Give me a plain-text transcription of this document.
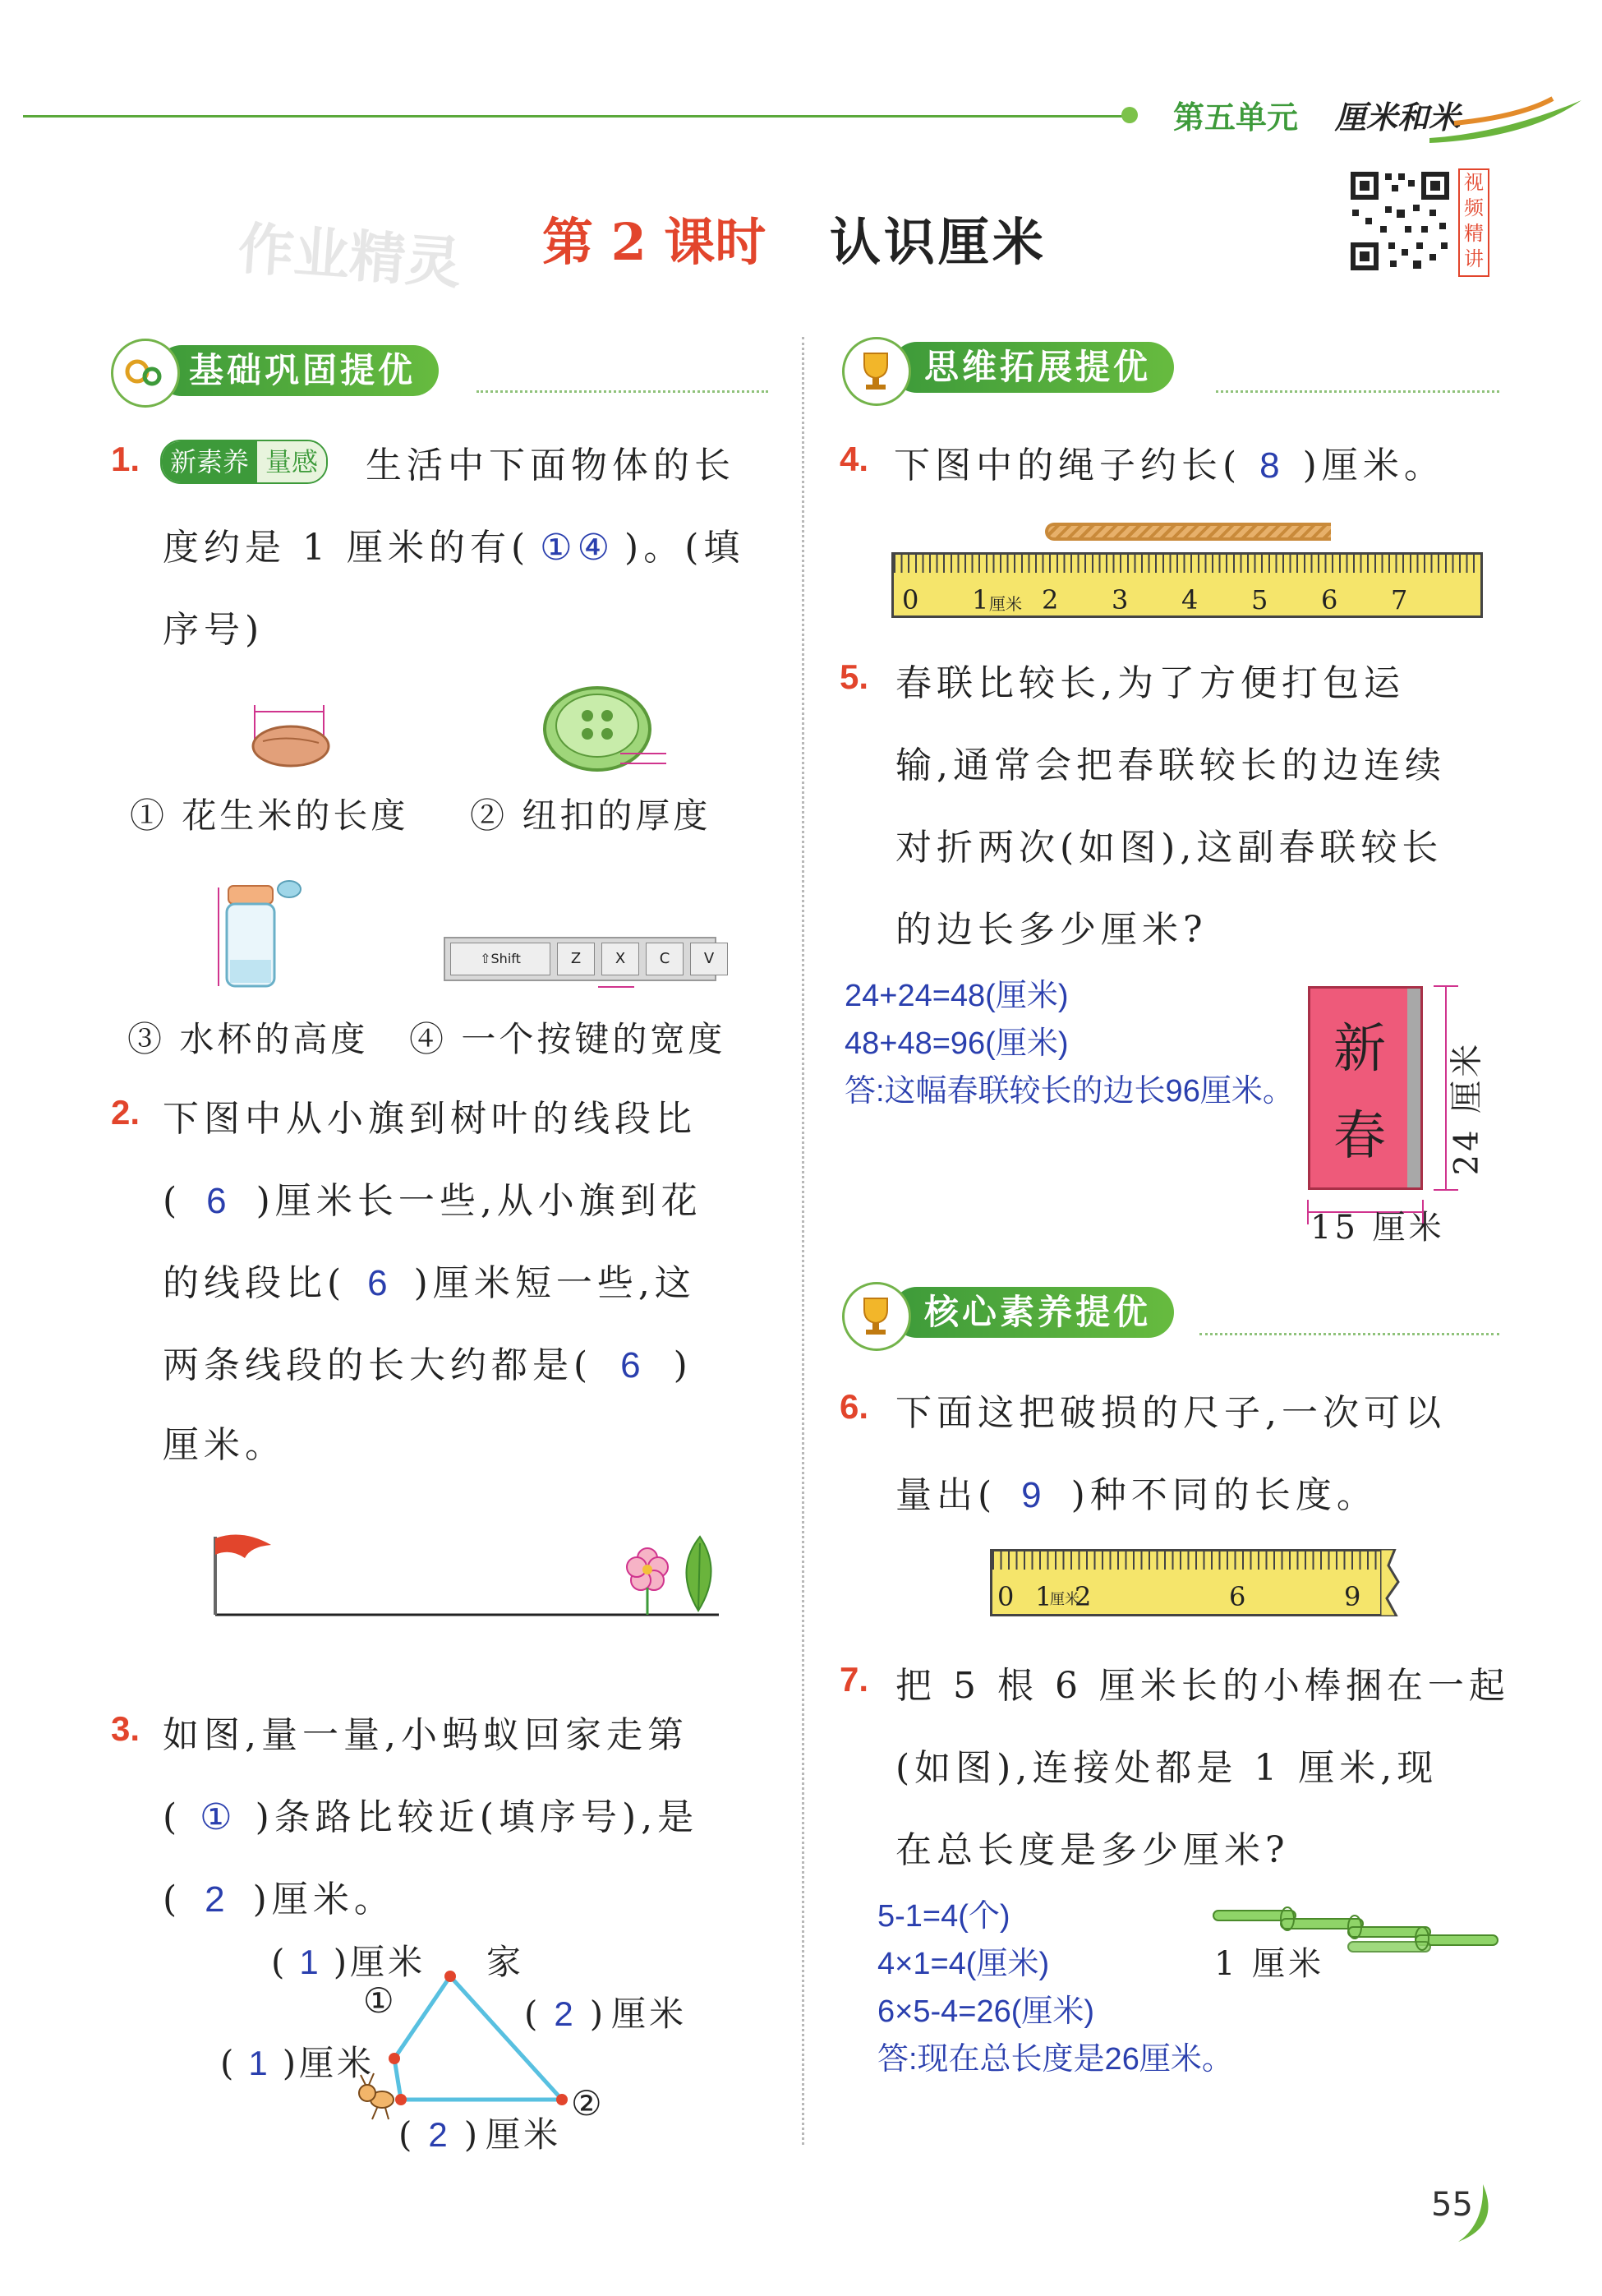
第五单元 厘米和米
作业精灵 第 2 课时 认识厘米
视频精讲
基础巩固提优
1.	新素养 量感 生活中下面物体的长
度约是 1 厘米的有( ①④ )。(填
序号)
① 花生米的长度 ② 纽扣的厚度
⇧Shift	Z	X	C	V
③ 水杯的高度 ④ 一个按键的宽度
2. 下图中从小旗到树叶的线段比
( 6 )厘米长一些,从小旗到花
的线段比( 6 )厘米短一些,这
两条线段的长大约都是( 6 )
厘米。
3. 如图,量一量,小蚂蚁回家走第
( ① )条路比较近(填序号),是
( 2 )厘米。
( 1 )厘米 家
①	( 2 ) 厘米
( 1 )厘米
②
( 2 ) 厘米
思维拓展提优
4. 下图中的绳子约长( 8 )厘米。
0 1 厘米 2 3 4 5 6 7
5. 春联比较长,为了方便打包运
输,通常会把春联较长的边连续
对折两次(如图),这副春联较长
的边长多少厘米?
24+24=48(厘米)
48+48=96(厘米)
答:这幅春联较长的边长96厘米。
新
春 24 厘米
15 厘米
核心素养提优
6. 下面这把破损的尺子,一次可以
量出( 9 )种不同的长度。
0 1
厘米
2	6	9
7. 把 5 根 6 厘米长的小棒捆在一起
(如图),连接处都是 1 厘米,现
在总长度是多少厘米?
5-1=4(个)
4×1=4(厘米)
6×5-4=26(厘米)
答:现在总长度是26厘米。
1 厘米
55
